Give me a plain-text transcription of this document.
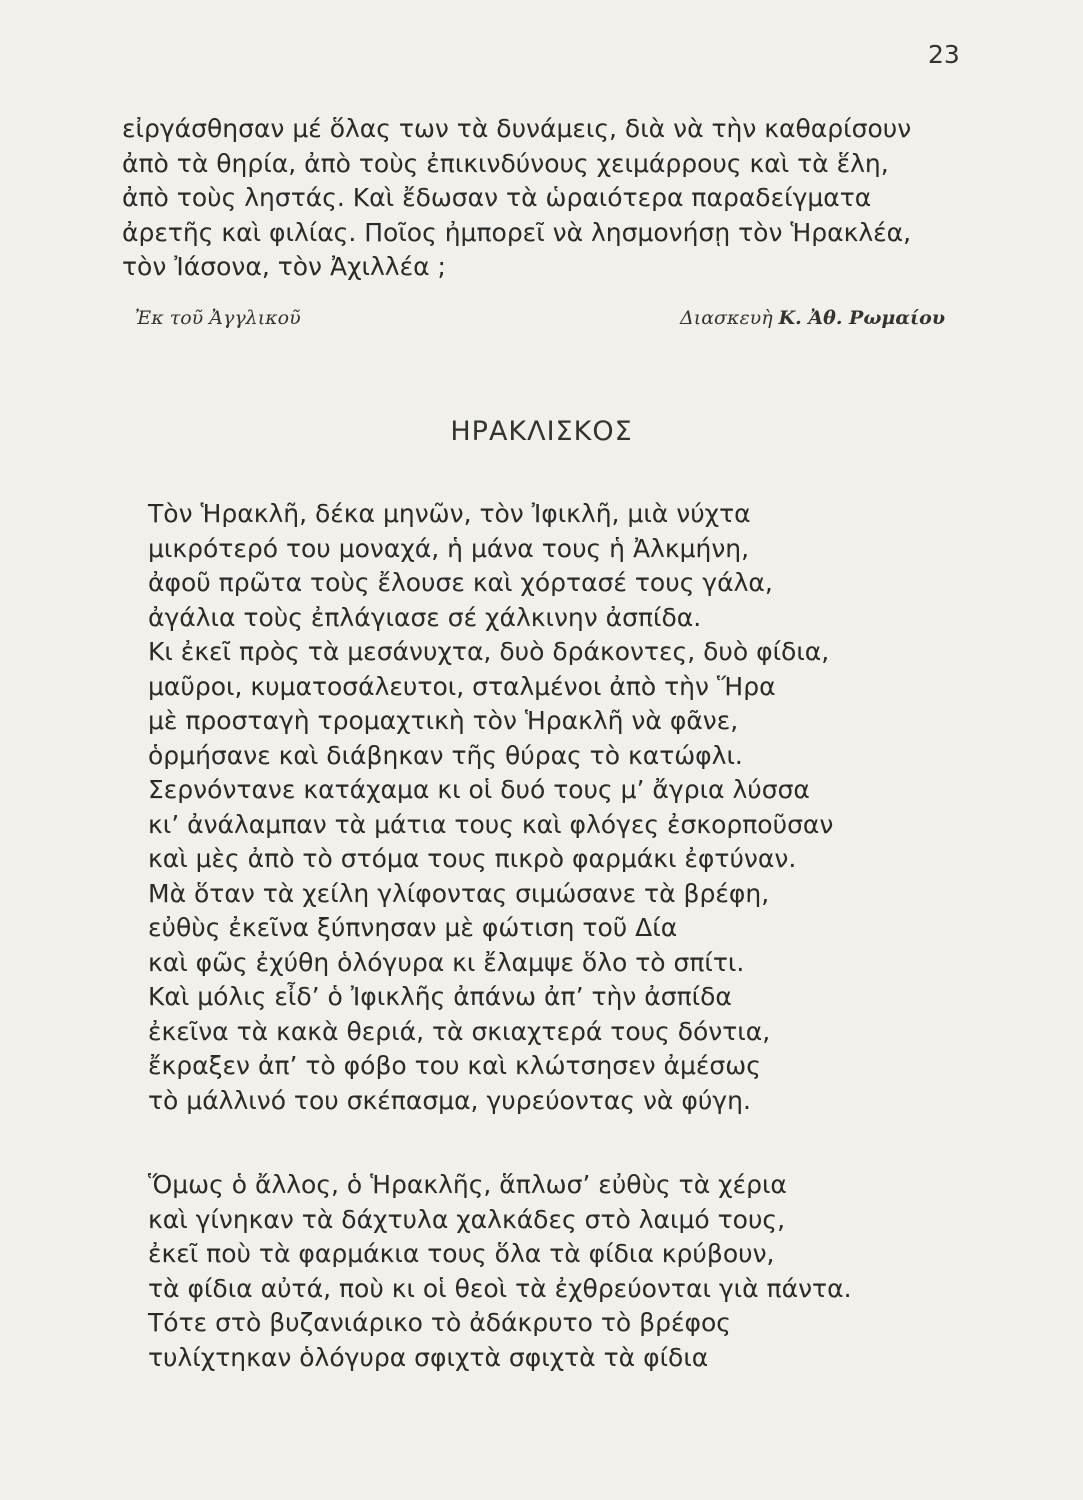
23
εἰργάσθησαν μέ ὅλας των τὰ δυνάμεις, διὰ νὰ τὴν καθαρίσουν
ἀπὸ τὰ θηρία, ἀπὸ τοὺς ἐπικινδύνους χειμάρρους καὶ τὰ ἕλη,
ἀπὸ τοὺς ληστάς. Καὶ ἔδωσαν τὰ ὡραιότερα παραδείγματα
ἀρετῆς καὶ φιλίας. Ποῖος ἠμπορεῖ νὰ λησμονήσῃ τὸν Ἡρακλέα,
τὸν Ἰάσονα, τὸν Ἀχιλλέα ;
Ἐκ τοῦ Ἀγγλικοῦ	Διασκευὴ Κ. Ἀθ. Ρωμαίου
ΗΡΑΚΛΙΣΚΟΣ
Τὸν Ἡρακλῆ, δέκα μηνῶν, τὸν Ἰφικλῆ, μιὰ νύχτα
μικρότερό του μοναχά, ἡ μάνα τους ἡ Ἀλκμήνη,
ἀφοῦ πρῶτα τοὺς ἔλουσε καὶ χόρτασέ τους γάλα,
ἀγάλια τοὺς ἐπλάγιασε σέ χάλκινην ἀσπίδα.
Κι ἐκεῖ πρὸς τὰ μεσάνυχτα, δυὸ δράκοντες, δυὸ φίδια,
μαῦροι, κυματοσάλευτοι, σταλμένοι ἀπὸ τὴν Ἥρα
μὲ προσταγὴ τρομαχτικὴ τὸν Ἡρακλῆ νὰ φᾶνε,
ὁρμήσανε καὶ διάβηκαν τῆς θύρας τὸ κατώφλι.
Σερνόντανε κατάχαμα κι οἱ δυό τους μ’ ἄγρια λύσσα
κι’ ἀνάλαμπαν τὰ μάτια τους καὶ φλόγες ἐσκορποῦσαν
καὶ μὲς ἀπὸ τὸ στόμα τους πικρὸ φαρμάκι ἐφτύναν.
Μὰ ὅταν τὰ χείλη γλίφοντας σιμώσανε τὰ βρέφη,
εὐθὺς ἐκεῖνα ξύπνησαν μὲ φώτιση τοῦ Δία
καὶ φῶς ἐχύθη ὁλόγυρα κι ἔλαμψε ὅλο τὸ σπίτι.
Καὶ μόλις εἶδ’ ὁ Ἰφικλῆς ἀπάνω ἀπ’ τὴν ἀσπίδα
ἐκεῖνα τὰ κακὰ θεριά, τὰ σκιαχτερά τους δόντια,
ἔκραξεν ἀπ’ τὸ φόβο του καὶ κλώτσησεν ἀμέσως
τὸ μάλλινό του σκέπασμα, γυρεύοντας νὰ φύγη.
Ὅμως ὁ ἄλλος, ὁ Ἡρακλῆς, ἅπλωσ’ εὐθὺς τὰ χέρια
καὶ γίνηκαν τὰ δάχτυλα χαλκάδες στὸ λαιμό τους,
ἐκεῖ ποὺ τὰ φαρμάκια τους ὅλα τὰ φίδια κρύβουν,
τὰ φίδια αὐτά, ποὺ κι οἱ θεοὶ τὰ ἐχθρεύονται γιὰ πάντα.
Τότε στὸ βυζανιάρικο τὸ ἀδάκρυτο τὸ βρέφος
τυλίχτηκαν ὁλόγυρα σφιχτὰ σφιχτὰ τὰ φίδια
